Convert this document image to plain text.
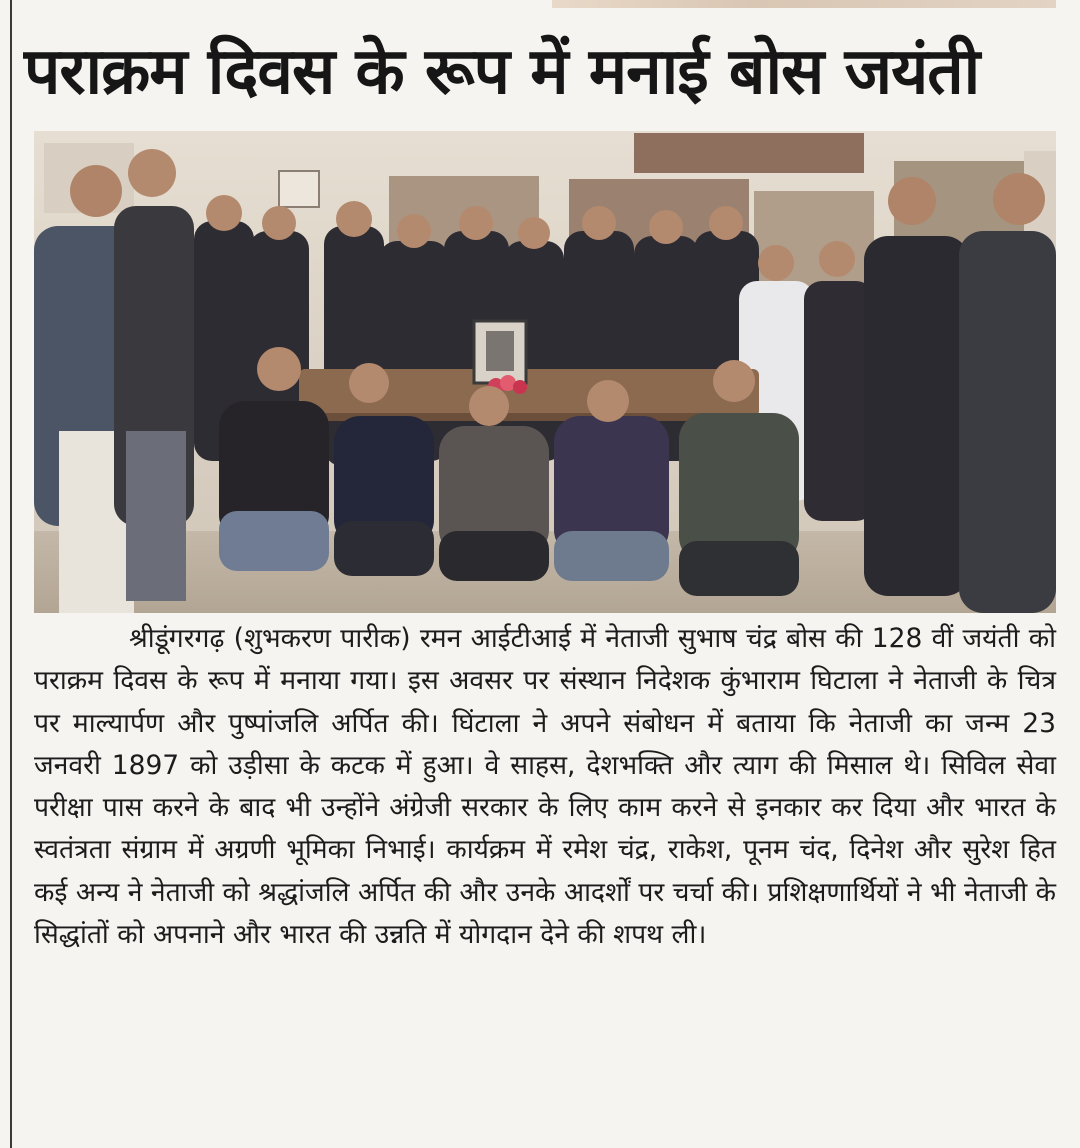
पराक्रम दिवस के रूप में मनाई बोस जयंती

श्रीडूंगरगढ़ (शुभकरण पारीक) रमन आईटीआई में नेताजी सुभाष चंद्र बोस की 128 वीं जयंती को पराक्रम दिवस के रूप में मनाया गया। इस अवसर पर संस्थान निदेशक कुंभाराम घिटाला ने नेताजी के चित्र पर माल्यार्पण और पुष्पांजलि अर्पित की। घिंटाला ने अपने संबोधन में बताया कि नेताजी का जन्म 23 जनवरी 1897 को उड़ीसा के कटक में हुआ। वे साहस, देशभक्ति और त्याग की मिसाल थे। सिविल सेवा परीक्षा पास करने के बाद भी उन्होंने अंग्रेजी सरकार के लिए काम करने से इनकार कर दिया और भारत के स्वतंत्रता संग्राम में अग्रणी भूमिका निभाई। कार्यक्रम में रमेश चंद्र, राकेश, पूनम चंद, दिनेश और सुरेश हित कई अन्य ने नेताजी को श्रद्धांजलि अर्पित की और उनके आदर्शों पर चर्चा की। प्रशिक्षणार्थियों ने भी नेताजी के सिद्धांतों को अपनाने और भारत की उन्नति में योगदान देने की शपथ ली।
